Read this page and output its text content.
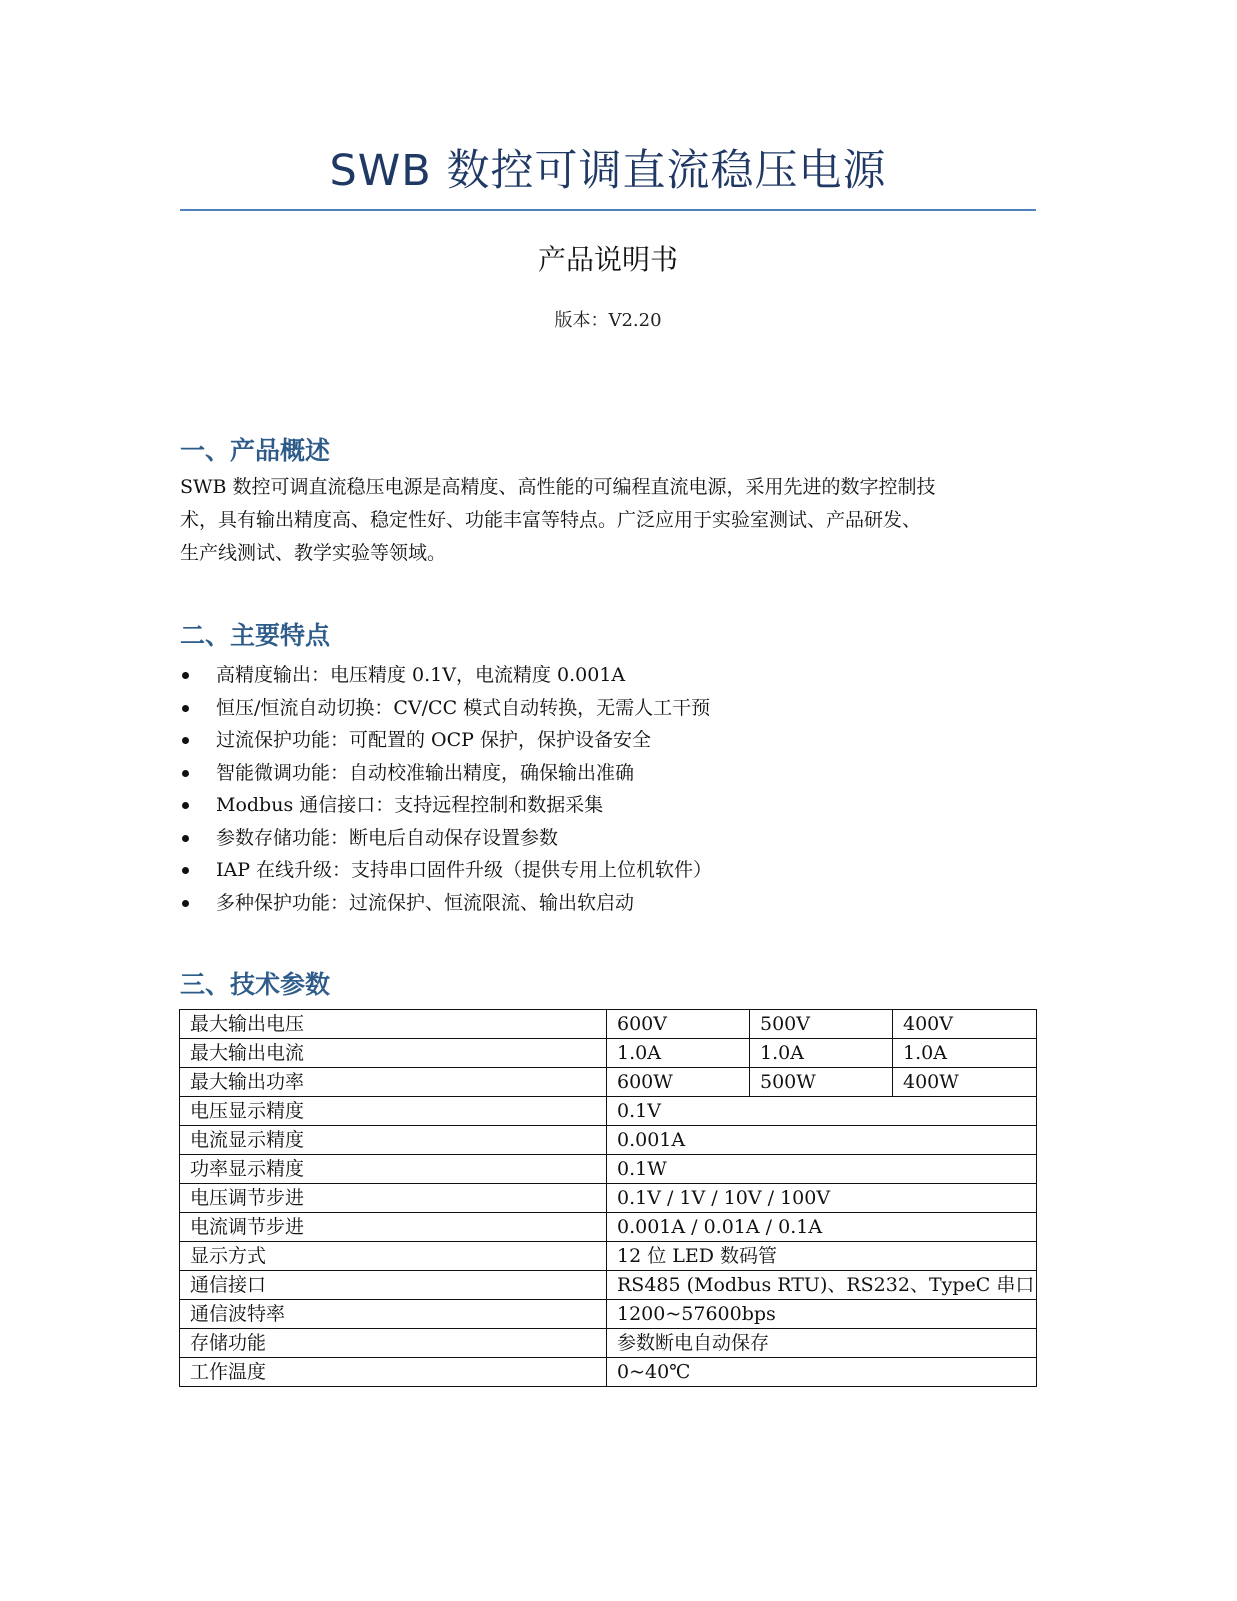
SWB 数控可调直流稳压电源
产品说明书
版本：V2.20
一、产品概述
SWB 数控可调直流稳压电源是高精度、高性能的可编程直流电源，采用先进的数字控制技
术，具有输出精度高、稳定性好、功能丰富等特点。广泛应用于实验室测试、产品研发、
生产线测试、教学实验等领域。
二、主要特点
高精度输出：电压精度 0.1V，电流精度 0.001A
恒压/恒流自动切换：CV/CC 模式自动转换，无需人工干预
过流保护功能：可配置的 OCP 保护，保护设备安全
智能微调功能：自动校准输出精度，确保输出准确
Modbus 通信接口：支持远程控制和数据采集
参数存储功能：断电后自动保存设置参数
IAP 在线升级：支持串口固件升级（提供专用上位机软件）
多种保护功能：过流保护、恒流限流、输出软启动
三、技术参数
最大输出电压	600V	500V	400V
最大输出电流	1.0A	1.0A	1.0A
最大输出功率	600W	500W	400W
电压显示精度	0.1V		
电流显示精度	0.001A		
功率显示精度	0.1W		
电压调节步进	0.1V / 1V / 10V / 100V		
电流调节步进	0.001A / 0.01A / 0.1A		
显示方式	12 位 LED 数码管		
通信接口	RS485 (Modbus RTU)、RS232、TypeC 串口		
通信波特率	1200~57600bps		
存储功能	参数断电自动保存		
工作温度	0~40℃		
